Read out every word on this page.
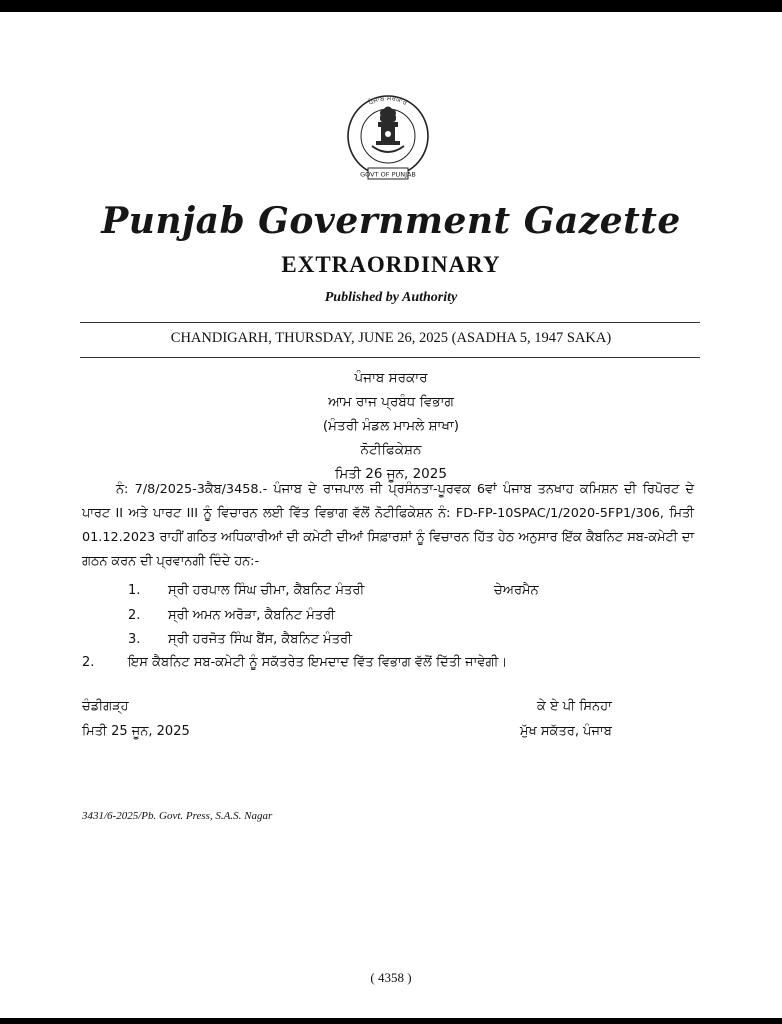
ਪੰਜਾਬ ਸਰਕਾਰ
GOVT OF PUNJAB
Punjab Government Gazette
EXTRAORDINARY
Published by Authority
CHANDIGARH, THURSDAY, JUNE 26, 2025 (ASADHA 5, 1947 SAKA)
ਪੰਜਾਬ ਸਰਕਾਰ
ਆਮ ਰਾਜ ਪ੍ਰਬੰਧ ਵਿਭਾਗ
(ਮੰਤਰੀ ਮੰਡਲ ਮਾਮਲੇ ਸ਼ਾਖਾ)
ਨੋਟੀਫਿਕੇਸ਼ਨ
ਮਿਤੀ 26 ਜੂਨ, 2025
ਨੰ: 7/8/2025-3ਕੈਬ/3458.- ਪੰਜਾਬ ਦੇ ਰਾਜਪਾਲ ਜੀ ਪ੍ਰਸੰਨਤਾ-ਪੂਰਵਕ 6ਵਾਂ ਪੰਜਾਬ ਤਨਖਾਹ ਕਮਿਸ਼ਨ ਦੀ ਰਿਪੋਰਟ ਦੇ ਪਾਰਟ II ਅਤੇ ਪਾਰਟ III ਨੂੰ ਵਿਚਾਰਨ ਲਈ ਵਿੱਤ ਵਿਭਾਗ ਵੱਲੋਂ ਨੋਟੀਫਿਕੇਸ਼ਨ ਨੰ: FD-FP-10SPAC/1/2020-5FP1/306, ਮਿਤੀ 01.12.2023 ਰਾਹੀਂ ਗਠਿਤ ਅਧਿਕਾਰੀਆਂ ਦੀ ਕਮੇਟੀ ਦੀਆਂ ਸਿਫ਼ਾਰਸ਼ਾਂ ਨੂੰ ਵਿਚਾਰਨ ਹਿੱਤ ਹੇਠ ਅਨੁਸਾਰ ਇੱਕ ਕੈਬਨਿਟ ਸਬ-ਕਮੇਟੀ ਦਾ ਗਠਨ ਕਰਨ ਦੀ ਪ੍ਰਵਾਨਗੀ ਦਿੰਦੇ ਹਨ:-
1. ਸ੍ਰੀ ਹਰਪਾਲ ਸਿੰਘ ਚੀਮਾ, ਕੈਬਨਿਟ ਮੰਤਰੀ	ਚੇਅਰਮੈਨ
2. ਸ੍ਰੀ ਅਮਨ ਅਰੋੜਾ, ਕੈਬਨਿਟ ਮੰਤਰੀ
3. ਸ੍ਰੀ ਹਰਜੋਤ ਸਿੰਘ ਬੈਂਸ, ਕੈਬਨਿਟ ਮੰਤਰੀ
2.	ਇਸ ਕੈਬਨਿਟ ਸਬ-ਕਮੇਟੀ ਨੂੰ ਸਕੱਤਰੇਤ ਇਮਦਾਦ ਵਿੱਤ ਵਿਭਾਗ ਵੱਲੋਂ ਦਿੱਤੀ ਜਾਵੇਗੀ।
ਚੰਡੀਗੜ੍ਹ
ਮਿਤੀ 25 ਜੂਨ, 2025
ਕੇ ਏ ਪੀ ਸਿਨਹਾ
ਮੁੱਖ ਸਕੱਤਰ, ਪੰਜਾਬ
3431/6-2025/Pb. Govt. Press, S.A.S. Nagar
( 4358 )
